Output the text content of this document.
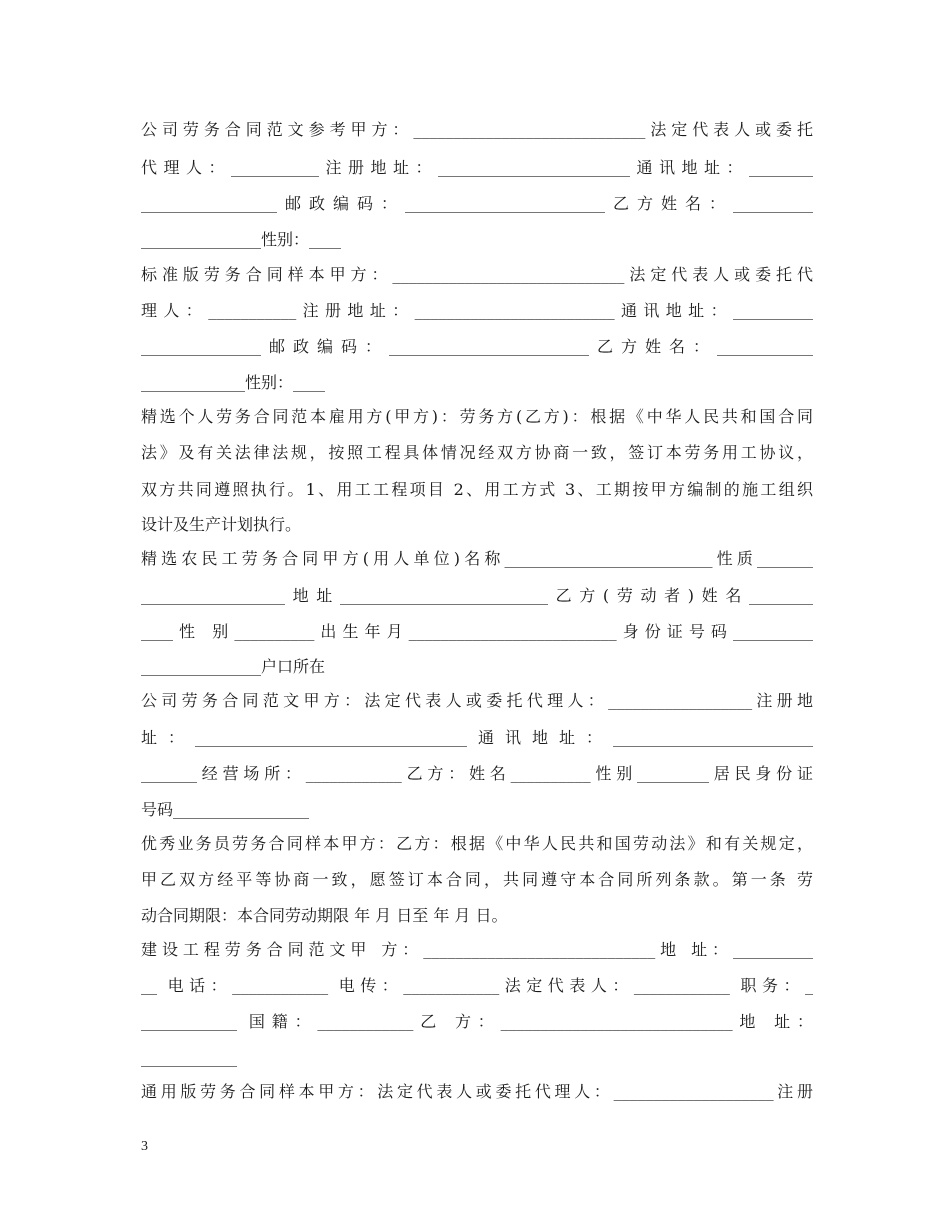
公司劳务合同范文参考甲方：_____________________________法定代表人或委托
代理人：___________注册地址：________________________通讯地址：________
_________________邮政编码：_________________________乙方姓名：__________
_______________性别：____
标准版劳务合同样本甲方：_____________________________法定代表人或委托代
理人：___________注册地址：_________________________通讯地址：__________
_______________邮政编码：_________________________乙方姓名：____________
_____________性别：____
精选个人劳务合同范本雇用方(甲方)：劳务方(乙方)：根据《中华人民共和国合同
法》及有关法律法规，按照工程具体情况经双方协商一致，签订本劳务用工协议，
双方共同遵照执行。1、用工工程项目 2、用工方式 3、工期按甲方编制的施工组织
设计及生产计划执行。
精选农民工劳务合同甲方(用人单位)名称__________________________性质_______
__________________地址__________________________乙方(劳动者)姓名________
____性 别__________出生年月__________________________身份证号码__________
_______________户口所在
公司劳务合同范文甲方：法定代表人或委托代理人：__________________注册地
址：__________________________________通讯地址：_________________________
_______经营场所：____________乙方：姓名__________性别_________居民身份证
号码_________________
优秀业务员劳务合同样本甲方：乙方：根据《中华人民共和国劳动法》和有关规定，
甲乙双方经平等协商一致，愿签订本合同，共同遵守本合同所列条款。第一条 劳
动合同期限：本合同劳动期限 年 月 日至 年 月 日。
建设工程劳务合同范文甲 方：_____________________________地 址：__________
__ 电话：____________ 电传：____________法定代表人：____________ 职务：_
____________ 国籍：____________乙 方：_____________________________地 址：
____________
通用版劳务合同样本甲方：法定代表人或委托代理人：____________________注册
3
